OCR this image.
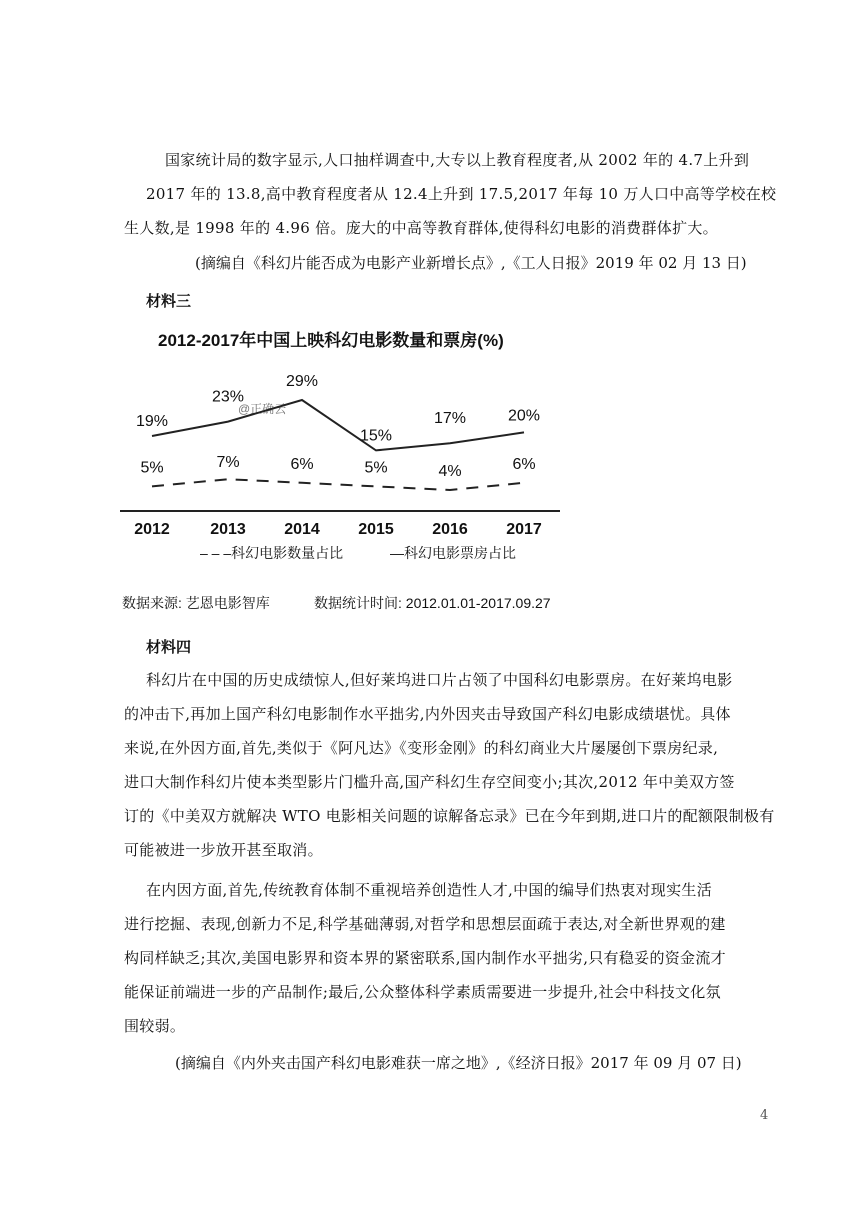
国家统计局的数字显示,人口抽样调查中,大专以上教育程度者,从 2002 年的 4.7上升到
2017 年的 13.8,高中教育程度者从 12.4上升到 17.5,2017 年每 10 万人口中高等学校在校
生人数,是 1998 年的 4.96 倍。庞大的中高等教育群体,使得科幻电影的消费群体扩大。
(摘编自《科幻片能否成为电影产业新增长点》,《工人日报》2019 年 02 月 13 日)
材料三
2012-2017年中国上映科幻电影数量和票房(%)
@正确云
19%
23%
29%
15%
17%	20%
5%	7%	6%	5%	4%	6%
2012	2013 2014 2015 2016 2017
– – –科幻电影数量占比	—科幻电影票房占比
数据来源: 艺恩电影智库	数据统计时间: 2012.01.01-2017.09.27
材料四
科幻片在中国的历史成绩惊人,但好莱坞进口片占领了中国科幻电影票房。在好莱坞电影
的冲击下,再加上国产科幻电影制作水平拙劣,内外因夹击导致国产科幻电影成绩堪忧。具体
来说,在外因方面,首先,类似于《阿凡达》《变形金刚》的科幻商业大片屡屡创下票房纪录,
进口大制作科幻片使本类型影片门槛升高,国产科幻生存空间变小;其次,2012 年中美双方签
订的《中美双方就解决 WTO 电影相关问题的谅解备忘录》已在今年到期,进口片的配额限制极有
可能被进一步放开甚至取消。
在内因方面,首先,传统教育体制不重视培养创造性人才,中国的编导们热衷对现实生活
进行挖掘、表现,创新力不足,科学基础薄弱,对哲学和思想层面疏于表达,对全新世界观的建
构同样缺乏;其次,美国电影界和资本界的紧密联系,国内制作水平拙劣,只有稳妥的资金流才
能保证前端进一步的产品制作;最后,公众整体科学素质需要进一步提升,社会中科技文化氛
围较弱。
(摘编自《内外夹击国产科幻电影难获一席之地》,《经济日报》2017 年 09 月 07 日)
4
